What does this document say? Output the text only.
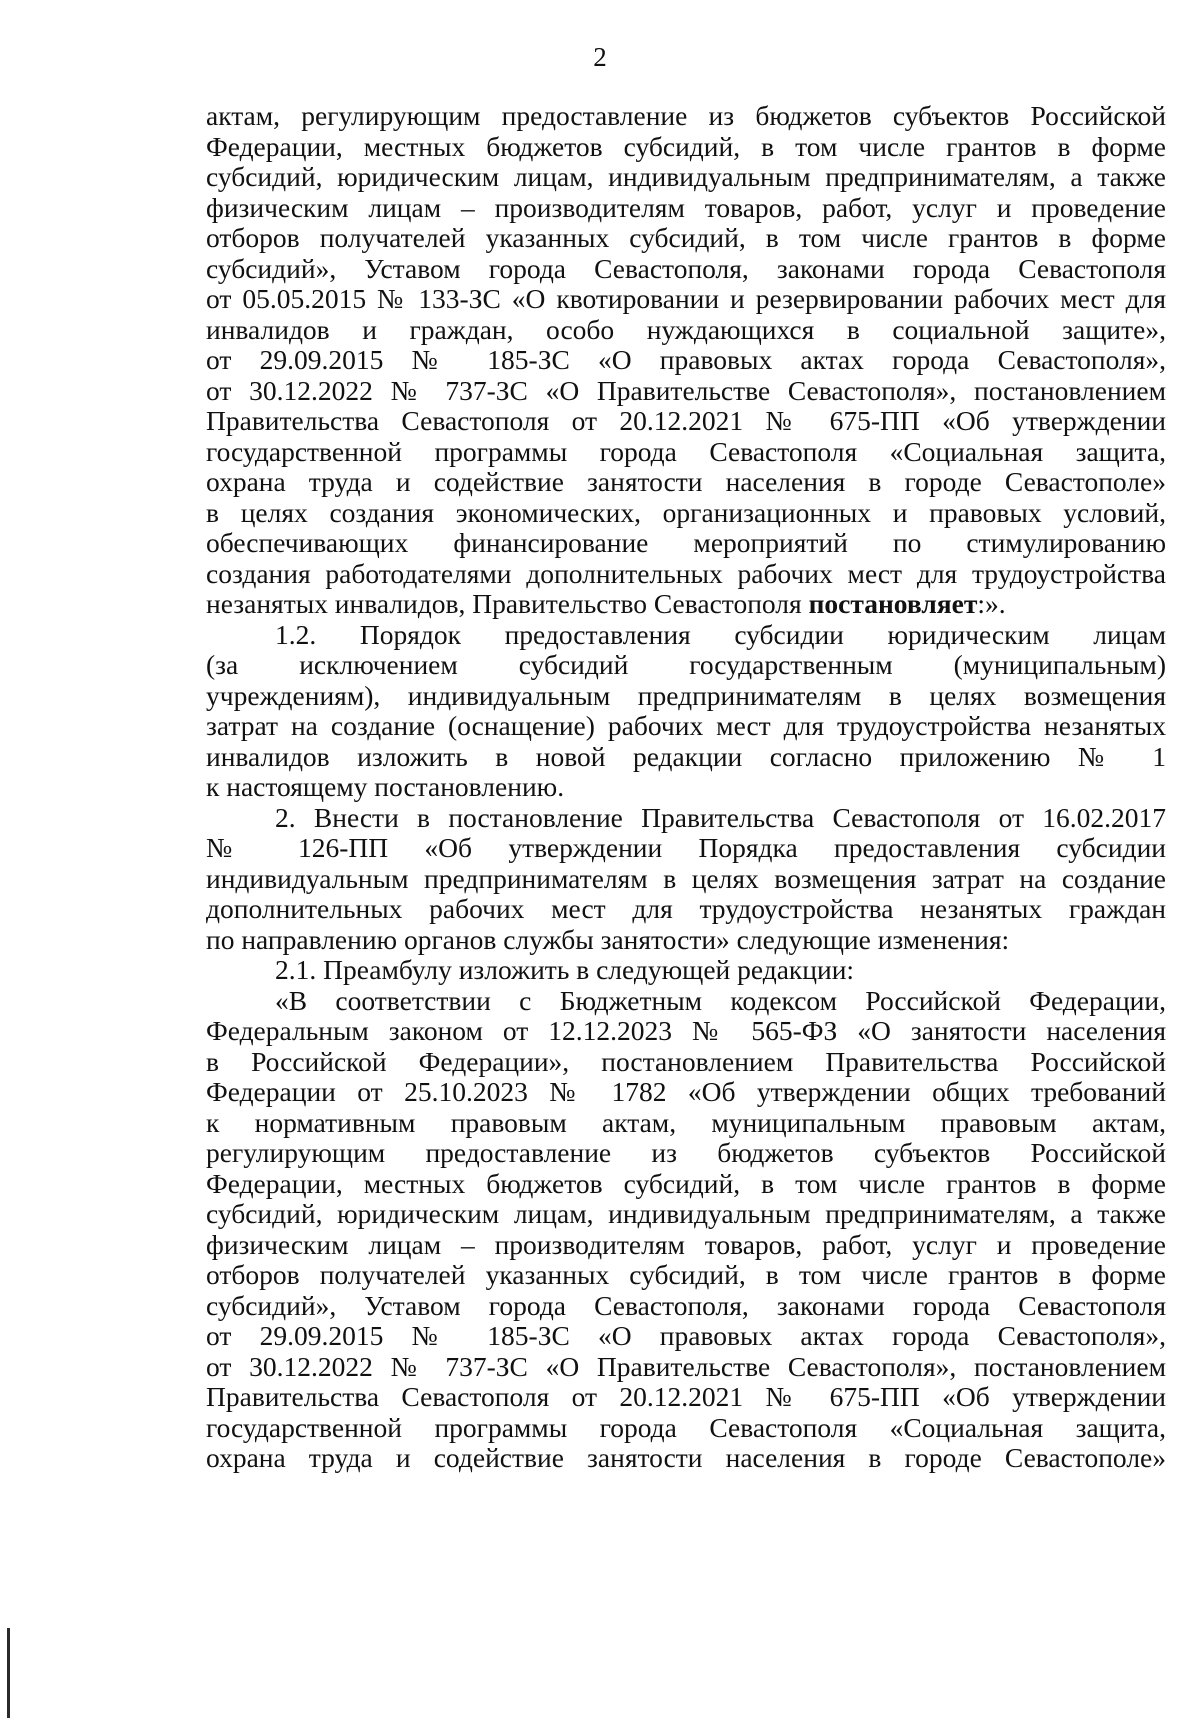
2
актам, регулирующим предоставление из бюджетов субъектов Российской
Федерации, местных бюджетов субсидий, в том числе грантов в форме
субсидий, юридическим лицам, индивидуальным предпринимателям, а также
физическим лицам – производителям товаров, работ, услуг и проведение
отборов получателей указанных субсидий, в том числе грантов в форме
субсидий», Уставом города Севастополя, законами города Севастополя
от 05.05.2015 № 133-ЗС «О квотировании и резервировании рабочих мест для
инвалидов и граждан, особо нуждающихся в социальной защите»,
от 29.09.2015 № 185-ЗС «О правовых актах города Севастополя»,
от 30.12.2022 № 737-ЗС «О Правительстве Севастополя», постановлением
Правительства Севастополя от 20.12.2021 № 675-ПП «Об утверждении
государственной программы города Севастополя «Социальная защита,
охрана труда и содействие занятости населения в городе Севастополе»
в целях создания экономических, организационных и правовых условий,
обеспечивающих финансирование мероприятий по стимулированию
создания работодателями дополнительных рабочих мест для трудоустройства
незанятых инвалидов, Правительство Севастополя постановляет:».
1.2. Порядок предоставления субсидии юридическим лицам
(за исключением субсидий государственным (муниципальным)
учреждениям), индивидуальным предпринимателям в целях возмещения
затрат на создание (оснащение) рабочих мест для трудоустройства незанятых
инвалидов изложить в новой редакции согласно приложению № 1
к настоящему постановлению.
2. Внести в постановление Правительства Севастополя от 16.02.2017
№ 126-ПП «Об утверждении Порядка предоставления субсидии
индивидуальным предпринимателям в целях возмещения затрат на создание
дополнительных рабочих мест для трудоустройства незанятых граждан
по направлению органов службы занятости» следующие изменения:
2.1. Преамбулу изложить в следующей редакции:
«В соответствии с Бюджетным кодексом Российской Федерации,
Федеральным законом от 12.12.2023 № 565-ФЗ «О занятости населения
в Российской Федерации», постановлением Правительства Российской
Федерации от 25.10.2023 № 1782 «Об утверждении общих требований
к нормативным правовым актам, муниципальным правовым актам,
регулирующим предоставление из бюджетов субъектов Российской
Федерации, местных бюджетов субсидий, в том числе грантов в форме
субсидий, юридическим лицам, индивидуальным предпринимателям, а также
физическим лицам – производителям товаров, работ, услуг и проведение
отборов получателей указанных субсидий, в том числе грантов в форме
субсидий», Уставом города Севастополя, законами города Севастополя
от 29.09.2015 № 185-ЗС «О правовых актах города Севастополя»,
от 30.12.2022 № 737-ЗС «О Правительстве Севастополя», постановлением
Правительства Севастополя от 20.12.2021 № 675-ПП «Об утверждении
государственной программы города Севастополя «Социальная защита,
охрана труда и содействие занятости населения в городе Севастополе»
